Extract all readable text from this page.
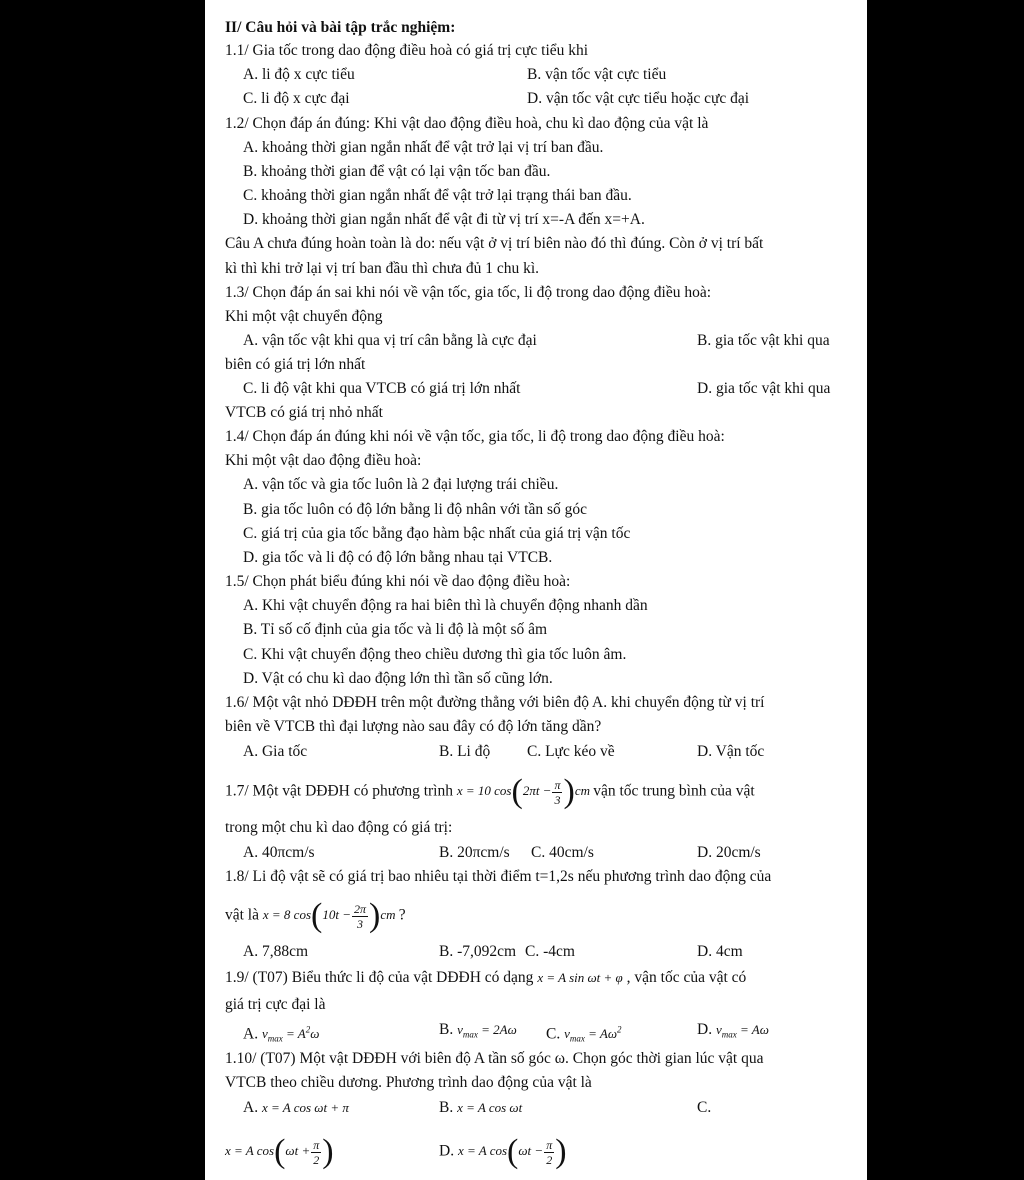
II/ Câu hỏi và bài tập trắc nghiệm:
1.1/ Gia tốc trong dao động điều hoà có giá trị cực tiểu khi
A. li độ x cực tiểu	B. vận tốc vật cực tiểu
C. li độ x cực đại	D. vận tốc vật cực tiểu hoặc cực đại
1.2/ Chọn đáp án đúng: Khi vật dao động điều hoà, chu kì dao động của vật là
A. khoảng thời gian ngắn nhất để vật trở lại vị trí ban đầu.
B. khoảng thời gian để vật có lại vận tốc ban đầu.
C. khoảng thời gian ngắn nhất để vật trở lại trạng thái ban đầu.
D. khoảng thời gian ngắn nhất để vật đi từ vị trí x=-A đến x=+A.
Câu A chưa đúng hoàn toàn là do: nếu vật ở vị trí biên nào đó thì đúng. Còn ở vị trí bất
kì thì khi trở lại vị trí ban đầu thì chưa đủ 1 chu kì.
1.3/ Chọn đáp án sai khi nói về vận tốc, gia tốc, li độ trong dao động điều hoà:
Khi một vật chuyển động
A. vận tốc vật khi qua vị trí cân bằng là cực đại	B. gia tốc vật khi qua
biên có giá trị lớn nhất
C. li độ vật khi qua VTCB có giá trị lớn nhất	D. gia tốc vật khi qua
VTCB có giá trị nhỏ nhất
1.4/ Chọn đáp án đúng khi nói về vận tốc, gia tốc, li độ trong dao động điều hoà:
Khi một vật dao động điều hoà:
A. vận tốc và gia tốc luôn là 2 đại lượng trái chiều.
B. gia tốc luôn có độ lớn bằng li độ nhân với tần số góc
C. giá trị của gia tốc bằng đạo hàm bậc nhất của giá trị vận tốc
D. gia tốc và li độ có độ lớn bằng nhau tại VTCB.
1.5/ Chọn phát biểu đúng khi nói về dao động điều hoà:
A. Khi vật chuyển động ra hai biên thì là chuyển động nhanh dần
B. Tỉ số cố định của gia tốc và li độ là một số âm
C. Khi vật chuyển động theo chiều dương thì gia tốc luôn âm.
D. Vật có chu kì dao động lớn thì tần số cũng lớn.
1.6/ Một vật nhỏ DĐĐH trên một đường thẳng với biên độ A. khi chuyển động từ vị trí
biên về VTCB thì đại lượng nào sau đây có độ lớn tăng dần?
A. Gia tốc	B. Li độ C. Lực kéo về	D. Vận tốc
1.7/ Một vật DĐĐH có phương trình x = 10 $\cos(2\pi t - \frac{\pi}{3} )cm$ vận tốc trung bình của vật
trong một chu kì dao động có giá trị:
A. 40πcm/s	B. 20πcm/s C. 40cm/s	D. 20cm/s
1.8/ Li độ vật sẽ có giá trị bao nhiêu tại thời điểm t=1,2s nếu phương trình dao động của
vật là x = 8 $\cos(10t - \frac{2\pi}{3} )cm$ ?
A. 7,88cm	B. -7,092cm C. -4cm	D. 4cm
1.9/ (T07) Biểu thức li độ của vật DĐĐH có dạng x = A sin ωt + φ , vận tốc của vật có
giá trị cực đại là
A. $v_{max} = A^2\omega$	B. $v_{max} = 2A\omega$ C. $v_{max} = A\omega^2$	D. $v_{max} = A\omega$
1.10/ (T07) Một vật DĐĐH với biên độ A tần số góc ω. Chọn góc thời gian lúc vật qua
VTCB theo chiều dương. Phương trình dao động của vật là
A. x = A cos ωt + π	B. x = A cos ωt	C.
x = A $\cos(\omega t + \frac{\pi}{2}$ )	D. x = A $\cos(\omega t - \frac{\pi}{2}$ )
